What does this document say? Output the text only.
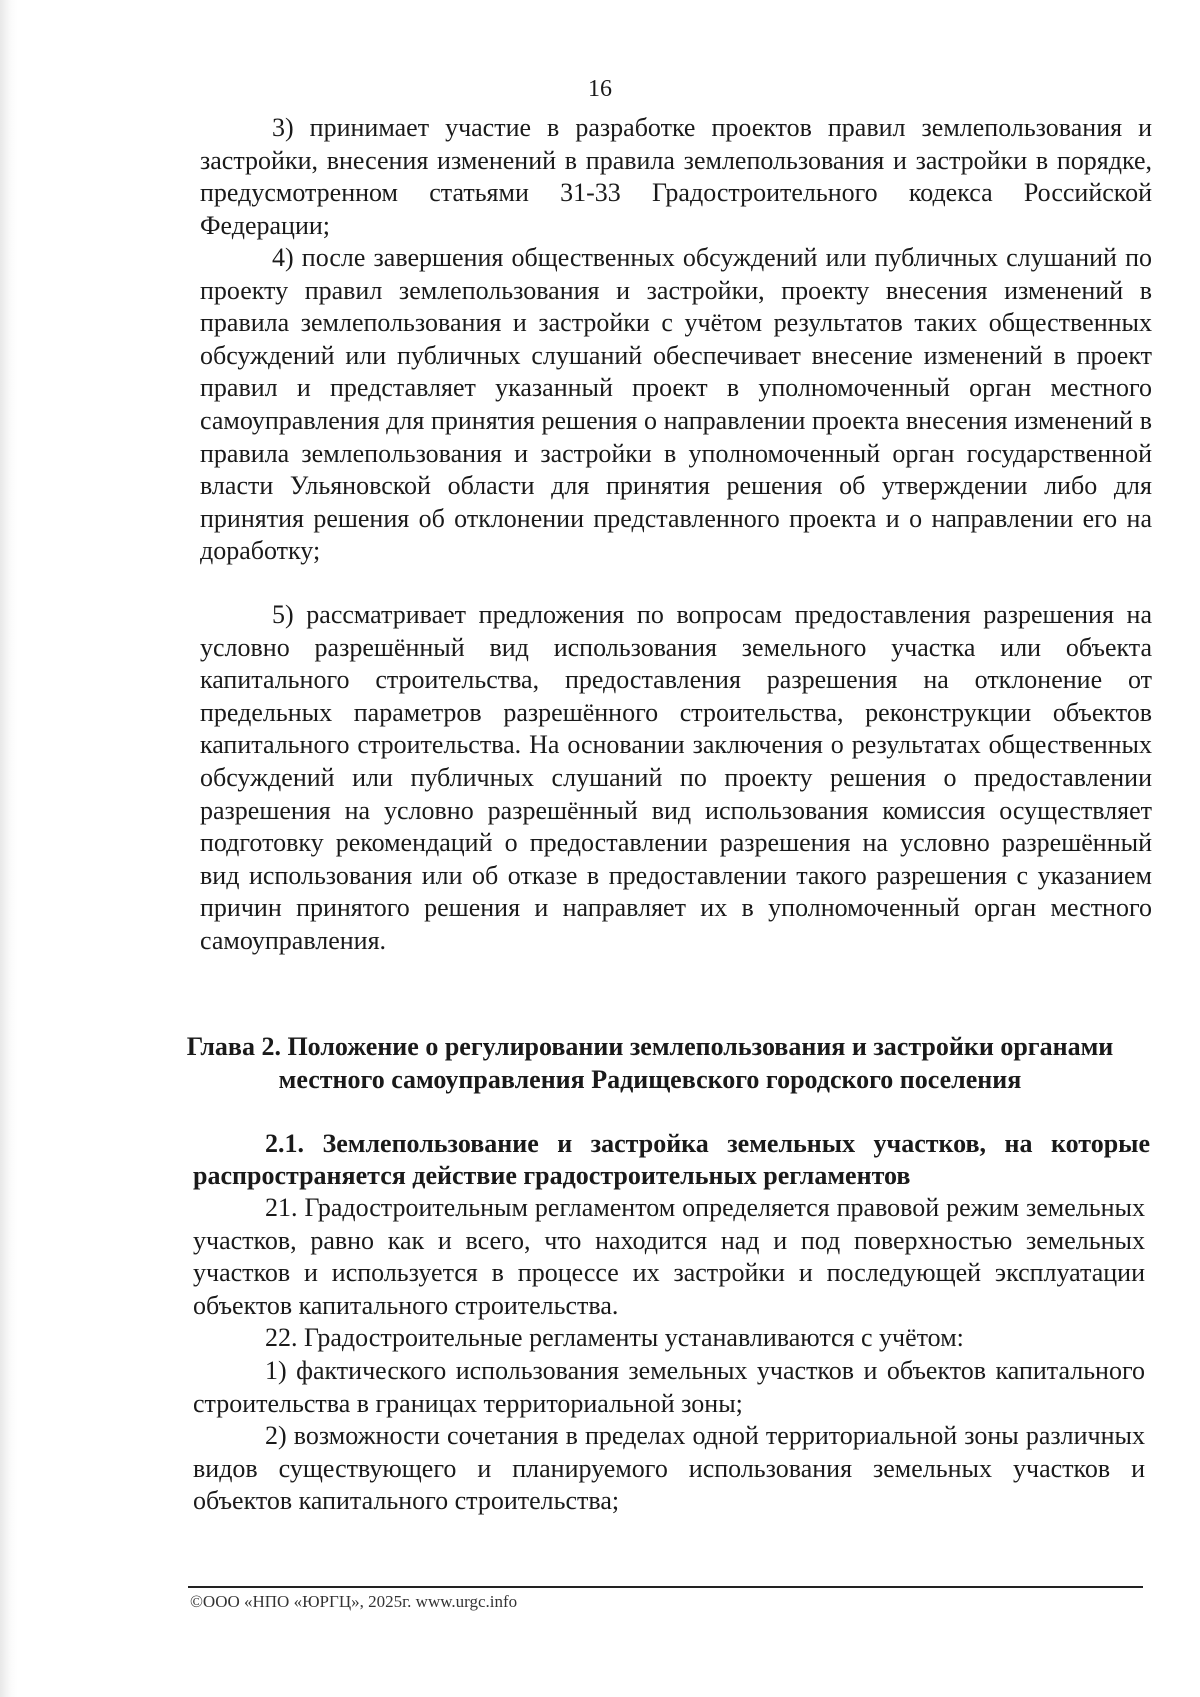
16

3) принимает участие в разработке проектов правил землепользования и застройки, внесения изменений в правила землепользования и застройки в порядке, предусмотренном статьями 31-33 Градостроительного кодекса Российской Федерации;

4) после завершения общественных обсуждений или публичных слушаний по проекту правил землепользования и застройки, проекту внесения изменений в правила землепользования и застройки с учётом результатов таких общественных обсуждений или публичных слушаний обеспечивает внесение изменений в проект правил и представляет указанный проект в уполномоченный орган местного самоуправления для принятия решения о направлении проекта внесения изменений в правила землепользования и застройки в уполномоченный орган государственной власти Ульяновской области для принятия решения об утверждении либо для принятия решения об отклонении представленного проекта и о направлении его на доработку;

5) рассматривает предложения по вопросам предоставления разрешения на условно разрешённый вид использования земельного участка или объекта капитального строительства, предоставления разрешения на отклонение от предельных параметров разрешённого строительства, реконструкции объектов капитального строительства. На основании заключения о результатах общественных обсуждений или публичных слушаний по проекту решения о предоставлении разрешения на условно разрешённый вид использования комиссия осуществляет подготовку рекомендаций о предоставлении разрешения на условно разрешённый вид использования или об отказе в предоставлении такого разрешения с указанием причин принятого решения и направляет их в уполномоченный орган местного самоуправления.

Глава 2. Положение о регулировании землепользования и застройки органами местного самоуправления Радищевского городского поселения
2.1. Землепользование и застройка земельных участков, на которые распространяется действие градостроительных регламентов

21. Градостроительным регламентом определяется правовой режим земельных участков, равно как и всего, что находится над и под поверхностью земельных участков и используется в процессе их застройки и последующей эксплуатации объектов капитального строительства.

22. Градостроительные регламенты устанавливаются с учётом:

1) фактического использования земельных участков и объектов капитального строительства в границах территориальной зоны;

2) возможности сочетания в пределах одной территориальной зоны различных видов существующего и планируемого использования земельных участков и объектов капитального строительства;

©ООО «НПО «ЮРГЦ», 2025г. www.urgc.info
